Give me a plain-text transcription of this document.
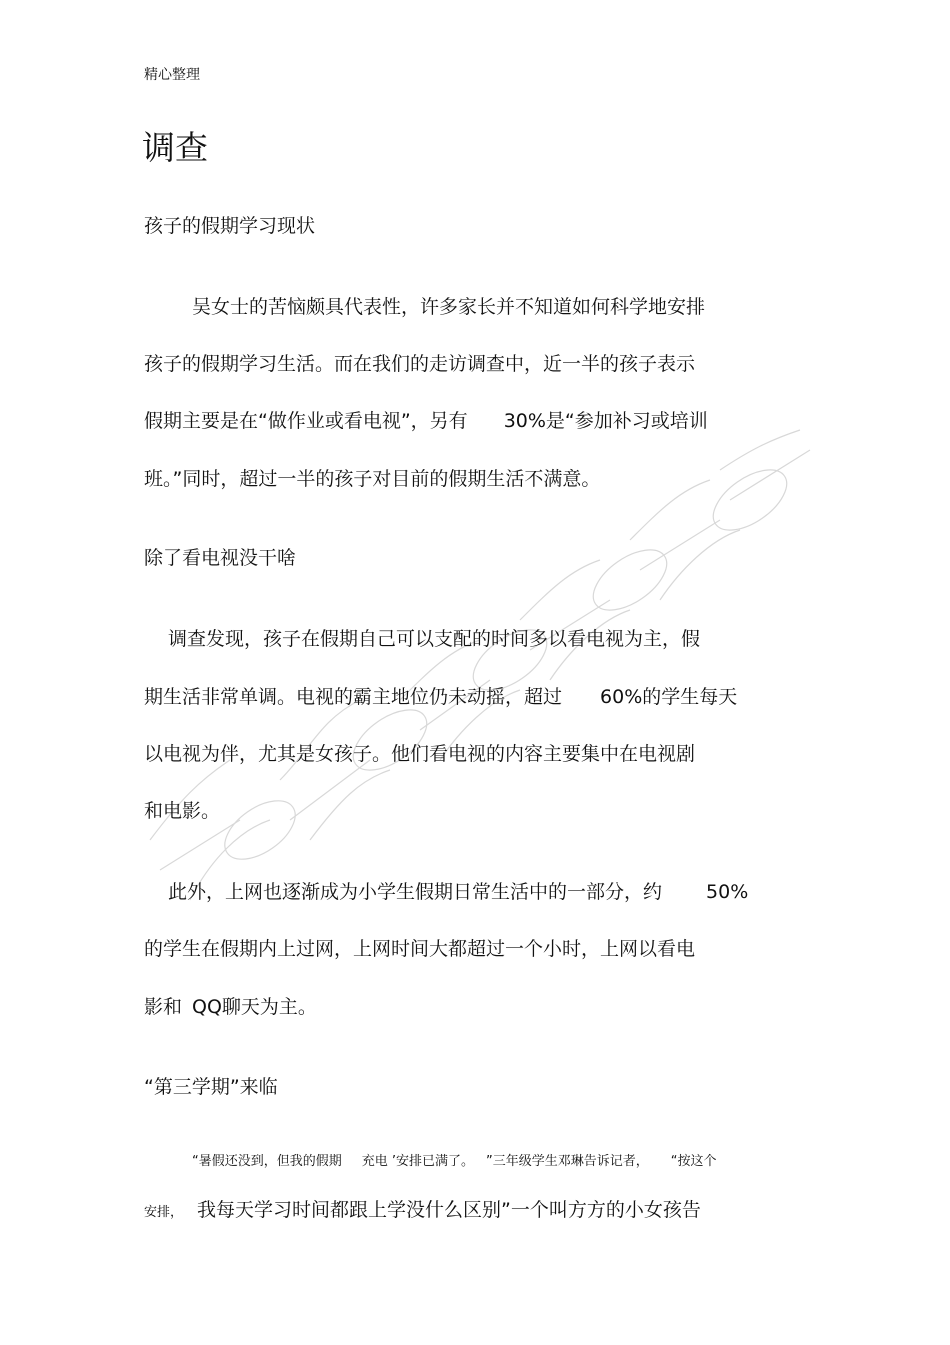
精心整理
调查
孩子的假期学习现状

吴女士的苦恼颇具代表性，许多家长并不知道如何科学地安排

孩子的假期学习生活。而在我们的走访调查中，近一半的孩子表示

假期主要是在“做作业或看电视”，另有 30%是“参加补习或培训

班。”同时，超过一半的孩子对目前的假期生活不满意。

除了看电视没干啥

调查发现，孩子在假期自己可以支配的时间多以看电视为主，假

期生活非常单调。电视的霸主地位仍未动摇，超过 60%的学生每天

以电视为伴，尤其是女孩子。他们看电视的内容主要集中在电视剧

和电影。

此外，上网也逐渐成为小学生假期日常生活中的一部分，约 50%

的学生在假期内上过网，上网时间大都超过一个小时，上网以看电

影和 QQ聊天为主。

“第三学期”来临

“暑假还没到，但我的假期 充电 ’安排已满了。 ”三年级学生邓琳告诉记者， “按这个

安排， 我每天学习时间都跟上学没什么区别”一个叫方方的小女孩告
